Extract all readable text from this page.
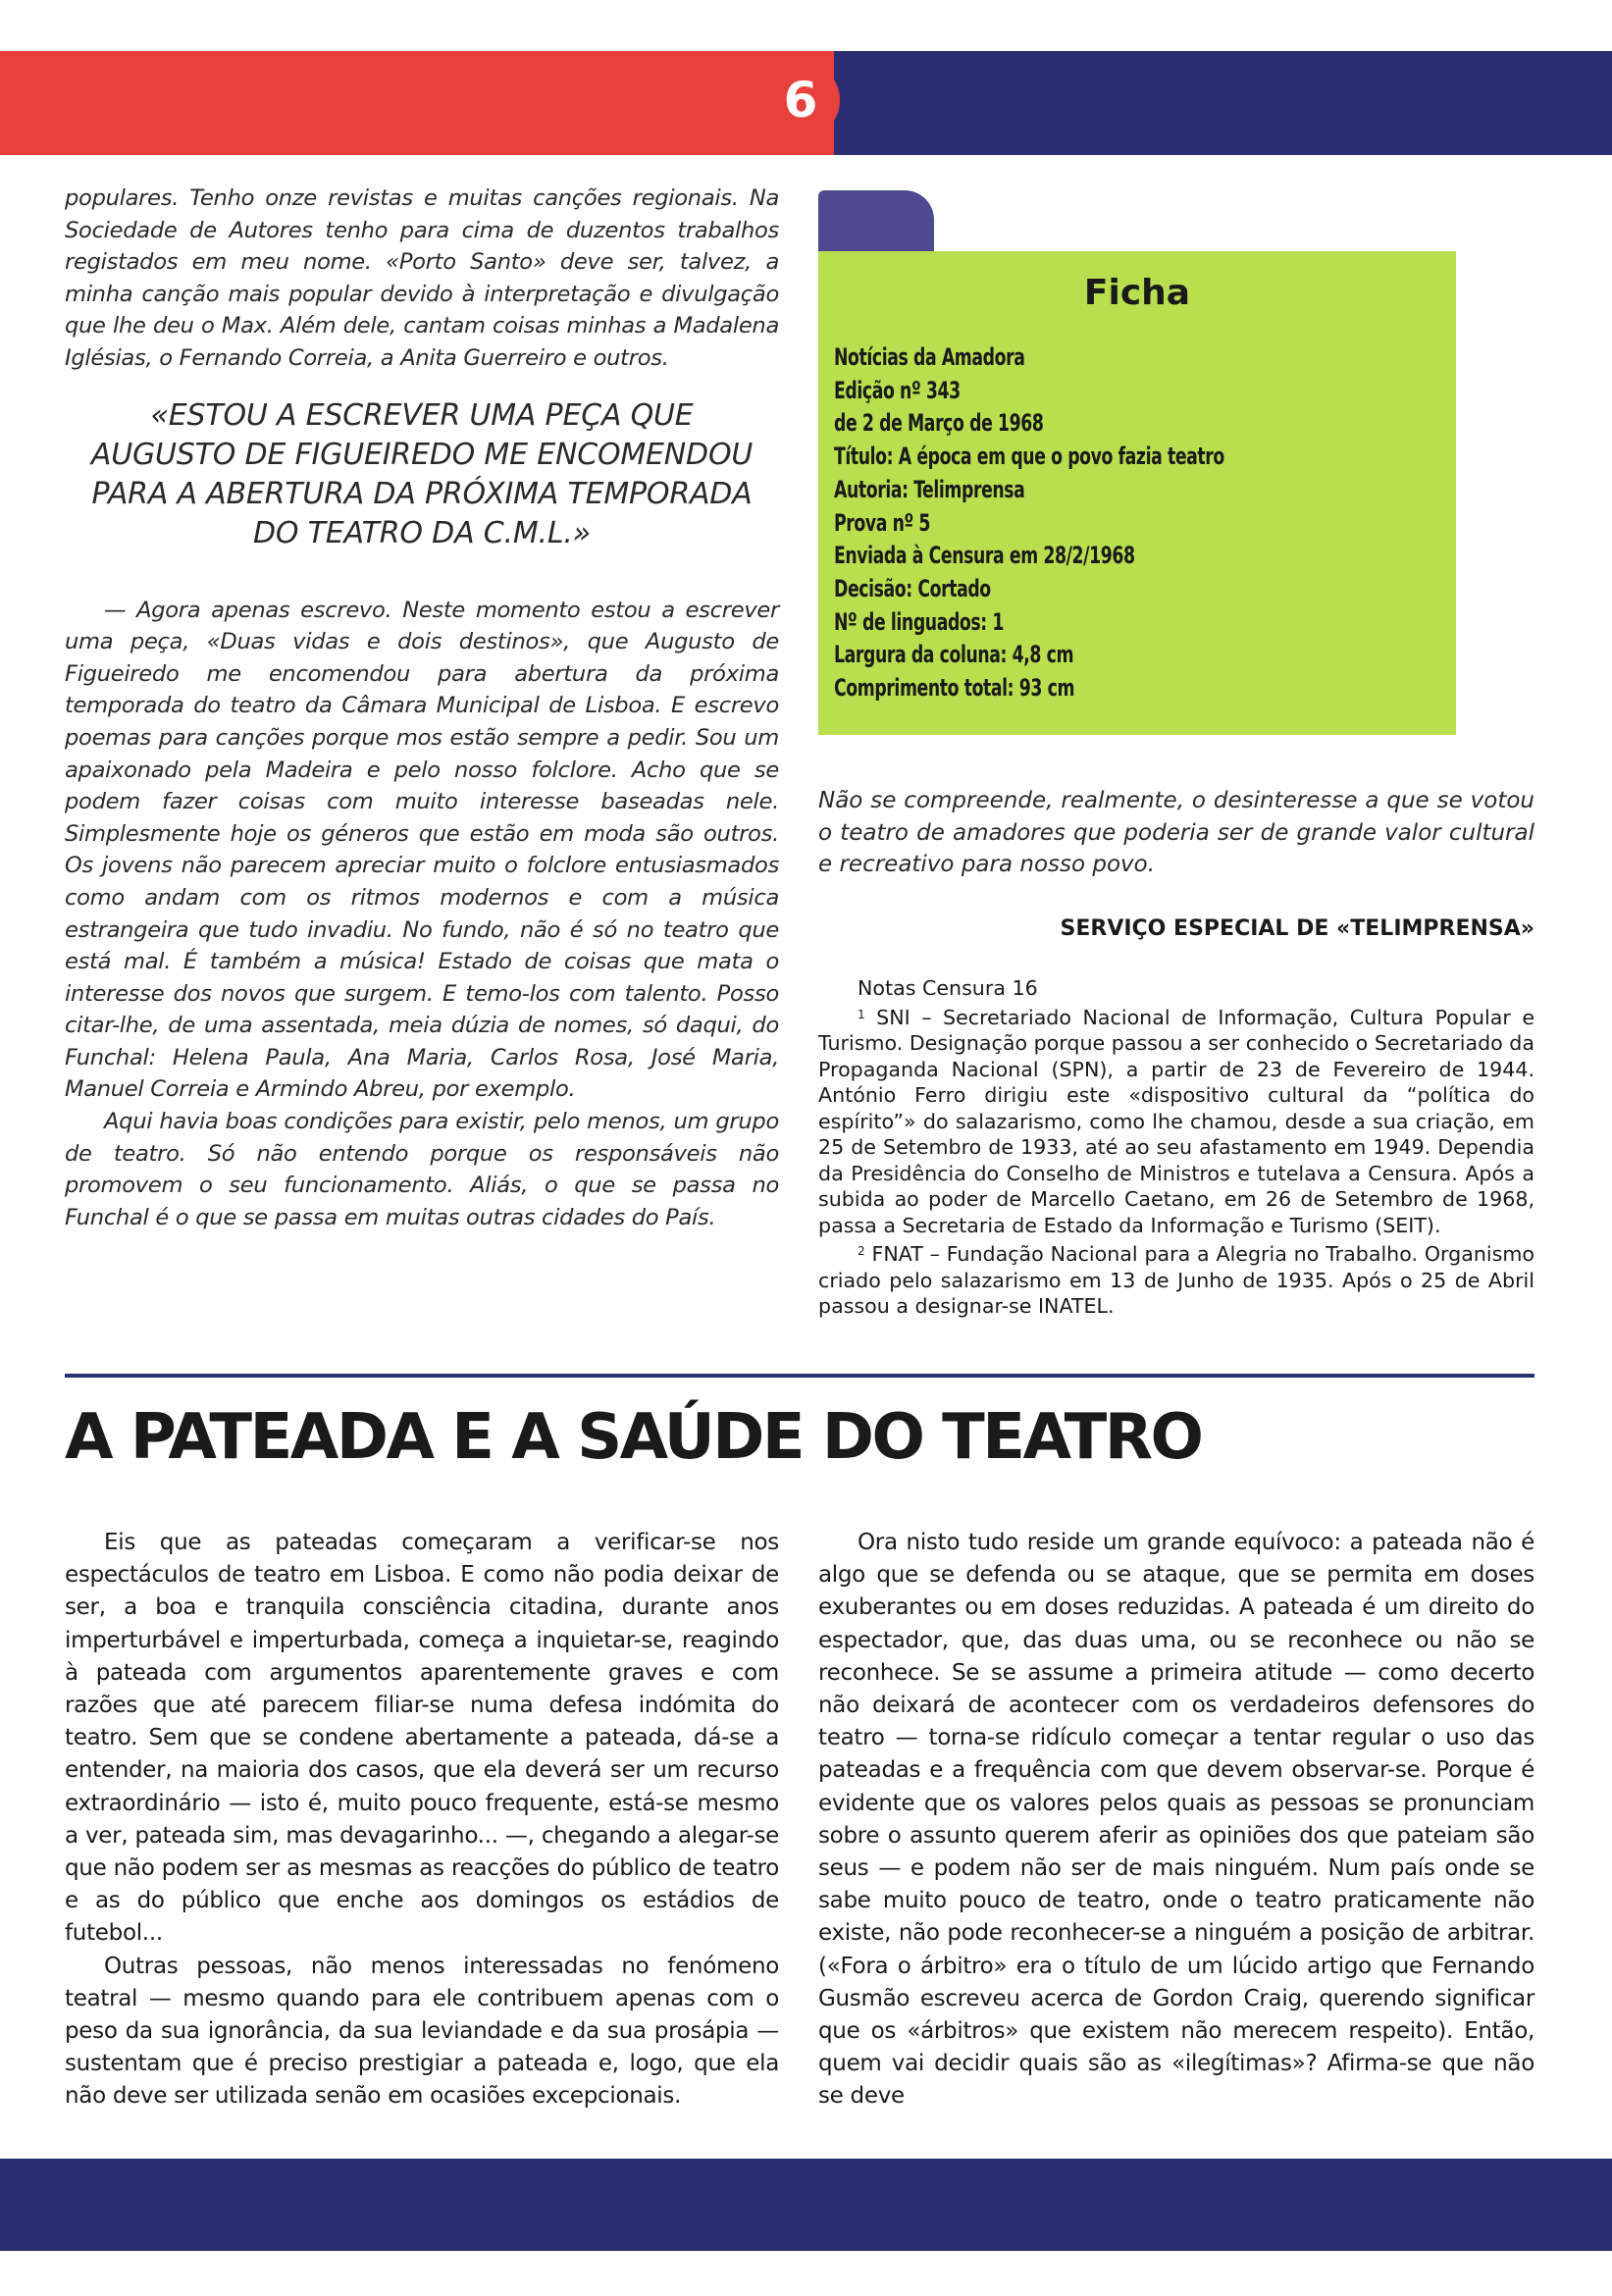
6

populares. Tenho onze revistas e muitas canções regionais. Na Sociedade de Autores tenho para cima de duzentos trabalhos registados em meu nome. «Porto Santo» deve ser, talvez, a minha canção mais popular devido à interpretação e divulgação que lhe deu o Max. Além dele, cantam coisas minhas a Madalena Iglésias, o Fernando Correia, a Anita Guerreiro e outros.

«ESTOU A ESCREVER UMA PEÇA QUE AUGUSTO DE FIGUEIREDO ME ENCOMENDOU PARA A ABERTURA DA PRÓXIMA TEMPORADA DO TEATRO DA C.M.L.»

— Agora apenas escrevo. Neste momento estou a escrever uma peça, «Duas vidas e dois destinos», que Augusto de Figueiredo me encomendou para abertura da próxima temporada do teatro da Câmara Municipal de Lisboa. E escrevo poemas para canções porque mos estão sempre a pedir. Sou um apaixonado pela Madeira e pelo nosso folclore. Acho que se podem fazer coisas com muito interesse baseadas nele. Simplesmente hoje os géneros que estão em moda são outros. Os jovens não parecem apreciar muito o folclore entusiasmados como andam com os ritmos modernos e com a música estrangeira que tudo invadiu. No fundo, não é só no teatro que está mal. É também a música! Estado de coisas que mata o interesse dos novos que surgem. E temo-los com talento. Posso citar-lhe, de uma assentada, meia dúzia de nomes, só daqui, do Funchal: Helena Paula, Ana Maria, Carlos Rosa, José Maria, Manuel Correia e Armindo Abreu, por exemplo.

Aqui havia boas condições para existir, pelo menos, um grupo de teatro. Só não entendo porque os responsáveis não promovem o seu funcionamento. Aliás, o que se passa no Funchal é o que se passa em muitas outras cidades do País.

Ficha
Notícias da Amadora
Edição nº 343
de 2 de Março de 1968
Título: A época em que o povo fazia teatro
Autoria: Telimprensa
Prova nº 5
Enviada à Censura em 28/2/1968
Decisão: Cortado
Nº de linguados: 1
Largura da coluna: 4,8 cm
Comprimento total: 93 cm
Não se compreende, realmente, o desinteresse a que se votou o teatro de amadores que poderia ser de grande valor cultural e recreativo para nosso povo.
SERVIÇO ESPECIAL DE «TELIMPRENSA»

Notas Censura 16

$^1$ SNI – Secretariado Nacional de Informação, Cultura Popular e Turismo. Designação porque passou a ser conhecido o Secretariado da Propaganda Nacional (SPN), a partir de 23 de Fevereiro de 1944. António Ferro dirigiu este «dispositivo cultural da “política do espírito”» do salazarismo, como lhe chamou, desde a sua criação, em 25 de Setembro de 1933, até ao seu afastamento em 1949. Dependia da Presidência do Conselho de Ministros e tutelava a Censura. Após a subida ao poder de Marcello Caetano, em 26 de Setembro de 1968, passa a Secretaria de Estado da Informação e Turismo (SEIT).

$^2$ FNAT – Fundação Nacional para a Alegria no Trabalho. Organismo criado pelo salazarismo em 13 de Junho de 1935. Após o 25 de Abril passou a designar-se INATEL.

A PATEADA E A SAÚDE DO TEATRO

Eis que as pateadas começaram a verificar-se nos espectáculos de teatro em Lisboa. E como não podia deixar de ser, a boa e tranquila consciência citadina, durante anos imperturbável e imperturbada, começa a inquietar-se, reagindo à pateada com argumentos aparentemente graves e com razões que até parecem filiar-se numa defesa indómita do teatro. Sem que se condene abertamente a pateada, dá-se a entender, na maioria dos casos, que ela deverá ser um recurso extraordinário — isto é, muito pouco frequente, está-se mesmo a ver, pateada sim, mas devagarinho... —, chegando a alegar-se que não podem ser as mesmas as reacções do público de teatro e as do público que enche aos domingos os estádios de futebol...

Outras pessoas, não menos interessadas no fenómeno teatral — mesmo quando para ele contribuem apenas com o peso da sua ignorância, da sua leviandade e da sua prosápia — sustentam que é preciso prestigiar a pateada e, logo, que ela não deve ser utilizada senão em ocasiões excepcionais.

Ora nisto tudo reside um grande equívoco: a pateada não é algo que se defenda ou se ataque, que se permita em doses exuberantes ou em doses reduzidas. A pateada é um direito do espectador, que, das duas uma, ou se reconhece ou não se reconhece. Se se assume a primeira atitude — como decerto não deixará de acontecer com os verdadeiros defensores do teatro — torna-se ridículo começar a tentar regular o uso das pateadas e a frequência com que devem observar-se. Porque é evidente que os valores pelos quais as pessoas se pronunciam sobre o assunto querem aferir as opiniões dos que pateiam são seus — e podem não ser de mais ninguém. Num país onde se sabe muito pouco de teatro, onde o teatro praticamente não existe, não pode reconhecer-se a ninguém a posição de arbitrar. («Fora o árbitro» era o título de um lúcido artigo que Fernando Gusmão escreveu acerca de Gordon Craig, querendo significar que os «árbitros» que existem não merecem respeito). Então, quem vai decidir quais são as «ilegítimas»? Afirma-se que não se deve
